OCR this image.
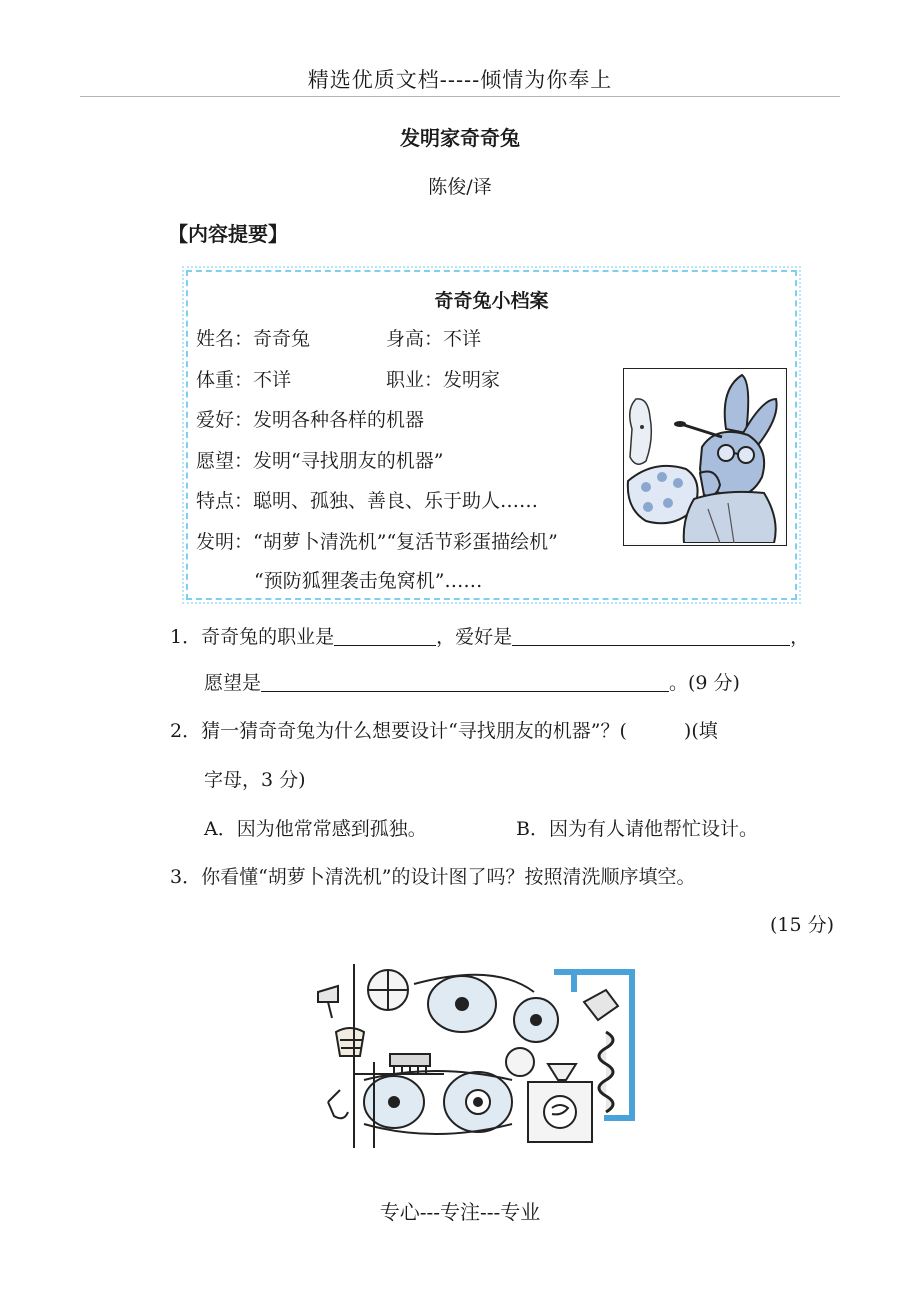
精选优质文档-----倾情为你奉上
发明家奇奇兔
陈俊/译
【内容提要】
奇奇兔小档案
姓名：奇奇兔	身高：不详
体重：不详	职业：发明家
爱好：发明各种各样的机器
愿望：发明“寻找朋友的机器”
特点：聪明、孤独、善良、乐于助人……
发明：“胡萝卜清洗机”“复活节彩蛋描绘机”
“预防狐狸袭击兔窝机”……
1．奇奇兔的职业是	，爱好是	，
愿望是	。(9 分)
2．猜一猜奇奇兔为什么想要设计“寻找朋友的机器”？(　　　)(填
字母，3 分)
A．因为他常常感到孤独。	B．因为有人请他帮忙设计。
3．你看懂“胡萝卜清洗机”的设计图了吗？按照清洗顺序填空。
(15 分)
专心---专注---专业
